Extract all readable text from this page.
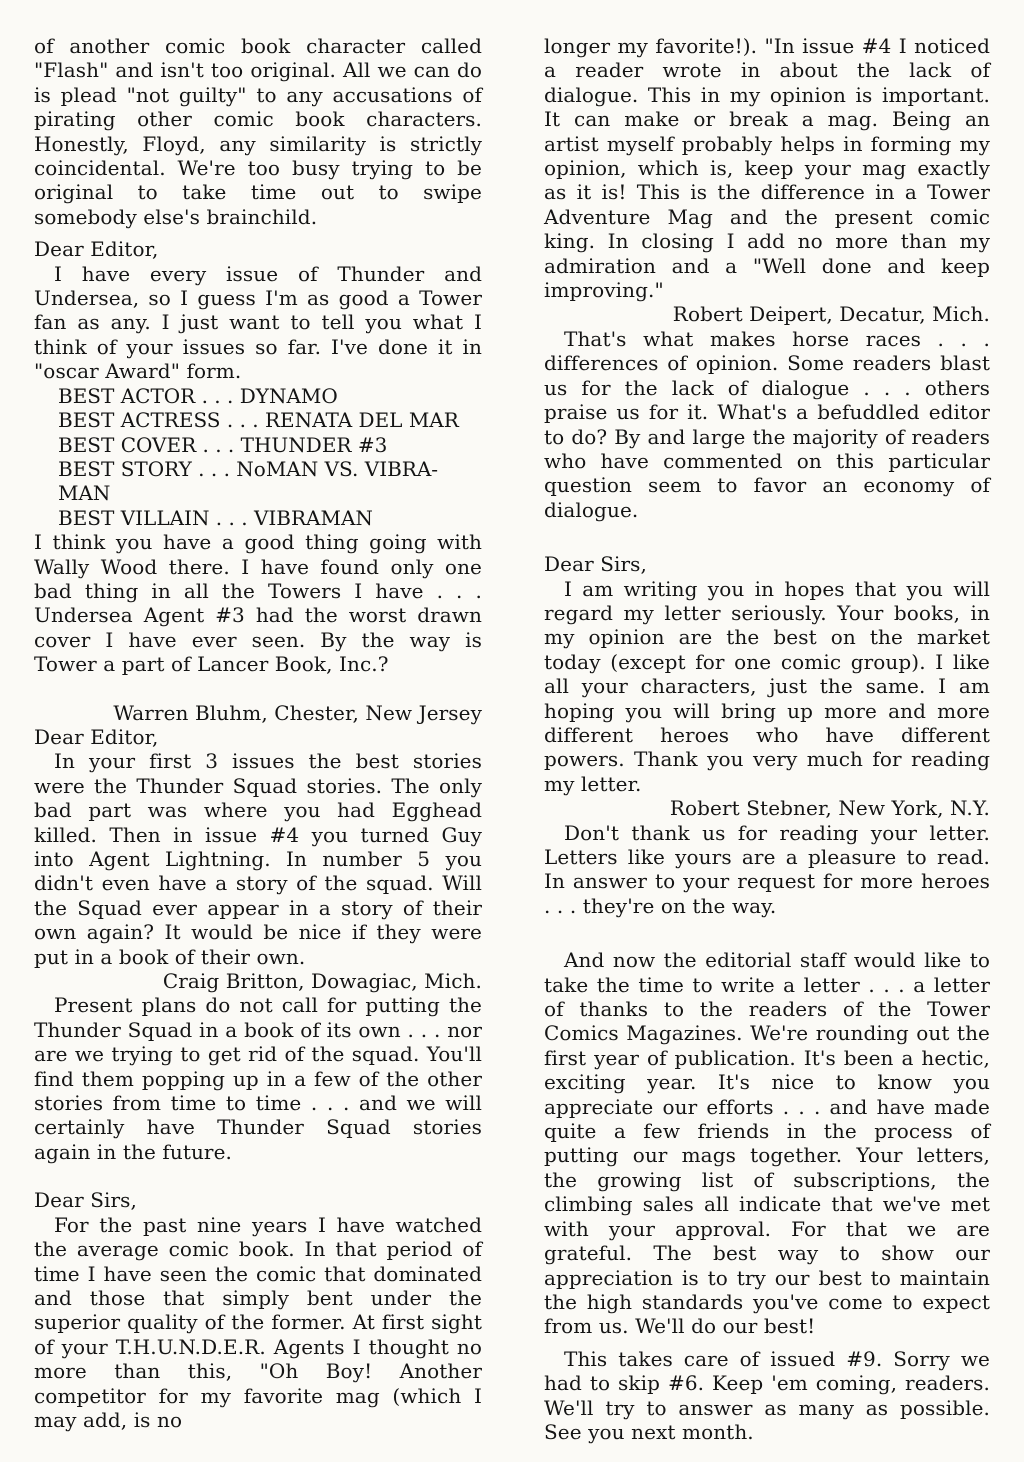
of another comic book character called "Flash" and isn't too original. All we can do is plead "not guilty" to any accusations of pirating other comic book characters. Honestly, Floyd, any similarity is strictly coincidental. We're too busy trying to be original to take time out to swipe somebody else's brainchild.

Dear Editor,

I have every issue of Thunder and Undersea, so I guess I'm as good a Tower fan as any. I just want to tell you what I think of your issues so far. I've done it in "oscar Award" form.

BEST ACTOR . . . DYNAMO

BEST ACTRESS . . . RENATA DEL MAR

BEST COVER . . . THUNDER #3

BEST STORY . . . NoMAN VS. VIBRA-MAN

BEST VILLAIN . . . VIBRAMAN

I think you have a good thing going with Wally Wood there. I have found only one bad thing in all the Towers I have . . . Undersea Agent #3 had the worst drawn cover I have ever seen. By the way is Tower a part of Lancer Book, Inc.?

Warren Bluhm, Chester, New Jersey

Dear Editor,

In your first 3 issues the best stories were the Thunder Squad stories. The only bad part was where you had Egghead killed. Then in issue #4 you turned Guy into Agent Lightning. In number 5 you didn't even have a story of the squad. Will the Squad ever appear in a story of their own again? It would be nice if they were put in a book of their own.

Craig Britton, Dowagiac, Mich.

Present plans do not call for putting the Thunder Squad in a book of its own . . . nor are we trying to get rid of the squad. You'll find them popping up in a few of the other stories from time to time . . . and we will certainly have Thunder Squad stories again in the future.

Dear Sirs,

For the past nine years I have watched the average comic book. In that period of time I have seen the comic that dominated and those that simply bent under the superior quality of the former. At first sight of your T.H.U.N.D.E.R. Agents I thought no more than this, "Oh Boy! Another competitor for my favorite mag (which I may add, is no

longer my favorite!). "In issue #4 I noticed a reader wrote in about the lack of dialogue. This in my opinion is important. It can make or break a mag. Being an artist myself probably helps in forming my opinion, which is, keep your mag exactly as it is! This is the difference in a Tower Adventure Mag and the present comic king. In closing I add no more than my admiration and a "Well done and keep improving."

Robert Deipert, Decatur, Mich.

That's what makes horse races . . . differences of opinion. Some readers blast us for the lack of dialogue . . . others praise us for it. What's a befuddled editor to do? By and large the majority of readers who have commented on this particular question seem to favor an economy of dialogue.

Dear Sirs,

I am writing you in hopes that you will regard my letter seriously. Your books, in my opinion are the best on the market today (except for one comic group). I like all your characters, just the same. I am hoping you will bring up more and more different heroes who have different powers. Thank you very much for reading my letter.

Robert Stebner, New York, N.Y.

Don't thank us for reading your letter. Letters like yours are a pleasure to read. In answer to your request for more heroes . . . they're on the way.

And now the editorial staff would like to take the time to write a letter . . . a letter of thanks to the readers of the Tower Comics Magazines. We're rounding out the first year of publication. It's been a hectic, exciting year. It's nice to know you appreciate our efforts . . . and have made quite a few friends in the process of putting our mags together. Your letters, the growing list of subscriptions, the climbing sales all indicate that we've met with your approval. For that we are grateful. The best way to show our appreciation is to try our best to maintain the high standards you've come to expect from us. We'll do our best!

This takes care of issued #9. Sorry we had to skip #6. Keep 'em coming, readers. We'll try to answer as many as possible. See you next month.
